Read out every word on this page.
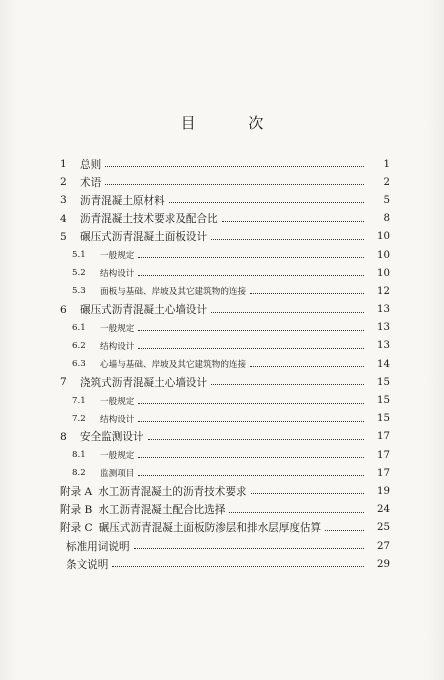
目 次
1	总则	1
2	术语	2
3	沥青混凝土原材料	5
4	沥青混凝土技术要求及配合比	8
5	碾压式沥青混凝土面板设计	10
5.1	一般规定	10
5.2	结构设计	10
5.3	面板与基础、岸坡及其它建筑物的连接	12
6	碾压式沥青混凝土心墙设计	13
6.1	一般规定	13
6.2	结构设计	13
6.3	心墙与基础、岸坡及其它建筑物的连接	14
7	浇筑式沥青混凝土心墙设计	15
7.1	一般规定	15
7.2	结构设计	15
8	安全监测设计	17
8.1	一般规定	17
8.2	监测项目	17
附录 A 水工沥青混凝土的沥青技术要求	19
附录 B 水工沥青混凝土配合比选择	24
附录 C 碾压式沥青混凝土面板防渗层和排水层厚度估算	25
标准用词说明	27
条文说明	29
